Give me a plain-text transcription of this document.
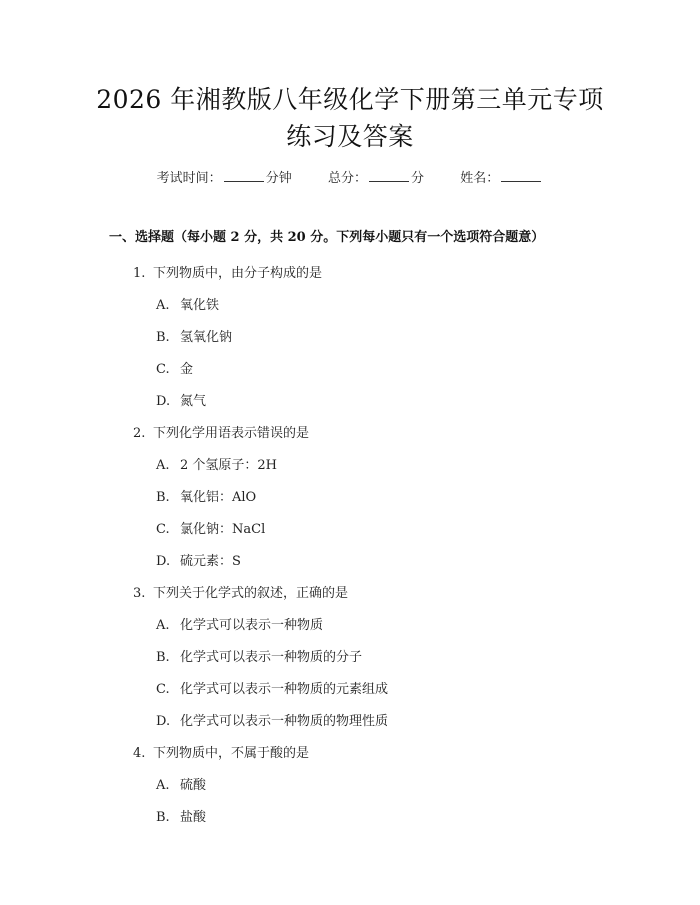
2026 年湘教版八年级化学下册第三单元专项
练习及答案
考试时间：	分钟	总分：	分	姓名：
一、选择题（每小题 2 分，共 20 分。下列每小题只有一个选项符合题意）
1. 下列物质中，由分子构成的是
A. 氧化铁
B. 氢氧化钠
C. 金
D. 氮气
2. 下列化学用语表示错误的是
A. 2 个氢原子：2H
B. 氧化铝：AlO
C. 氯化钠：NaCl
D. 硫元素：S
3. 下列关于化学式的叙述，正确的是
A. 化学式可以表示一种物质
B. 化学式可以表示一种物质的分子
C. 化学式可以表示一种物质的元素组成
D. 化学式可以表示一种物质的物理性质
4. 下列物质中，不属于酸的是
A. 硫酸
B. 盐酸
